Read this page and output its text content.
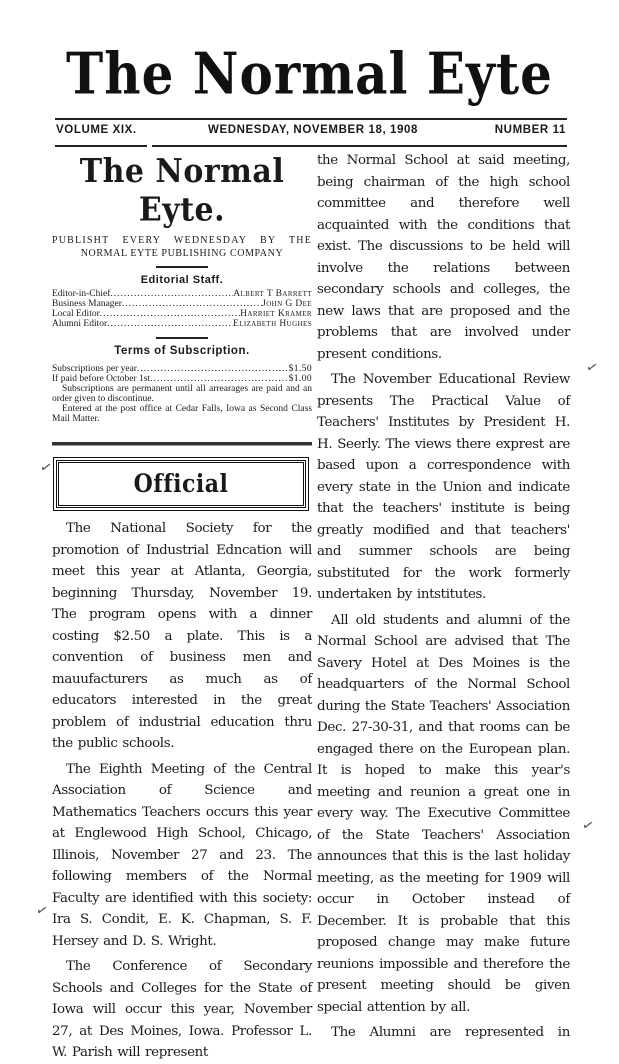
The Normal Eyte
VOLUME XIX.	WEDNESDAY, NOVEMBER 18, 1908	NUMBER 11
The Normal Eyte.
PUBLISHT EVERY WEDNESDAY BY THE
NORMAL EYTE PUBLISHING COMPANY
Editorial Staff.
Editor-in-Chief .....	Albert T Barrett
Business Manager .....	John G Dee
Local Editor .....	Harriet Kramer
Alumni Editor .....	Elizabeth Hughes
Terms of Subscription.
Subscriptions per year .....	$1.50
If paid before October 1st .....	$1.00
Subscriptions are permanent until all arrearages are paid and an order given to discontinue.
Entered at the post office at Cedar Falls, Iowa as Second Class Mail Matter.
Official

The National Society for the promotion of Industrial Edncation will meet this year at Atlanta, Georgia, beginning Thursday, November 19. The program opens with a dinner costing $2.50 a plate. This is a convention of business men and mauufacturers as much as of educators interested in the great problem of industrial education thru the public schools.

The Eighth Meeting of the Central Association of Science and Mathematics Teachers occurs this year at Englewood High School, Chicago, Illinois, November 27 and 23. The following members of the Normal Faculty are identified with this society: Ira S. Condit, E. K. Chapman, S. F. Hersey and D. S. Wright.

The Conference of Secondary Schools and Colleges for the State of Iowa will occur this year, November 27, at Des Moines, Iowa. Professor L. W. Parish will represent

the Normal School at said meeting, being chairman of the high school committee and therefore well acquainted with the conditions that exist. The discussions to be held will involve the relations between secondary schools and colleges, the new laws that are proposed and the problems that are involved under present conditions.

The November Educational Review presents The Practical Value of Teachers' Institutes by President H. H. Seerly. The views there exprest are based upon a correspondence with every state in the Union and indicate that the teachers' institute is being greatly modified and that teachers' and summer schools are being substituted for the work formerly undertaken by intstitutes.

All old students and alumni of the Normal School are advised that The Savery Hotel at Des Moines is the headquarters of the Normal School during the State Teachers' Association Dec. 27-30-31, and that rooms can be engaged there on the European plan. It is hoped to make this year's meeting and reunion a great one in every way. The Executive Committee of the State Teachers' Association announces that this is the last holiday meeting, as the meeting for 1909 will occur in October instead of December. It is probable that this proposed change may make future reunions impossible and therefore the present meeting should be given special attention by all.

The Alumni are represented in

✓
✓
✓
✓
